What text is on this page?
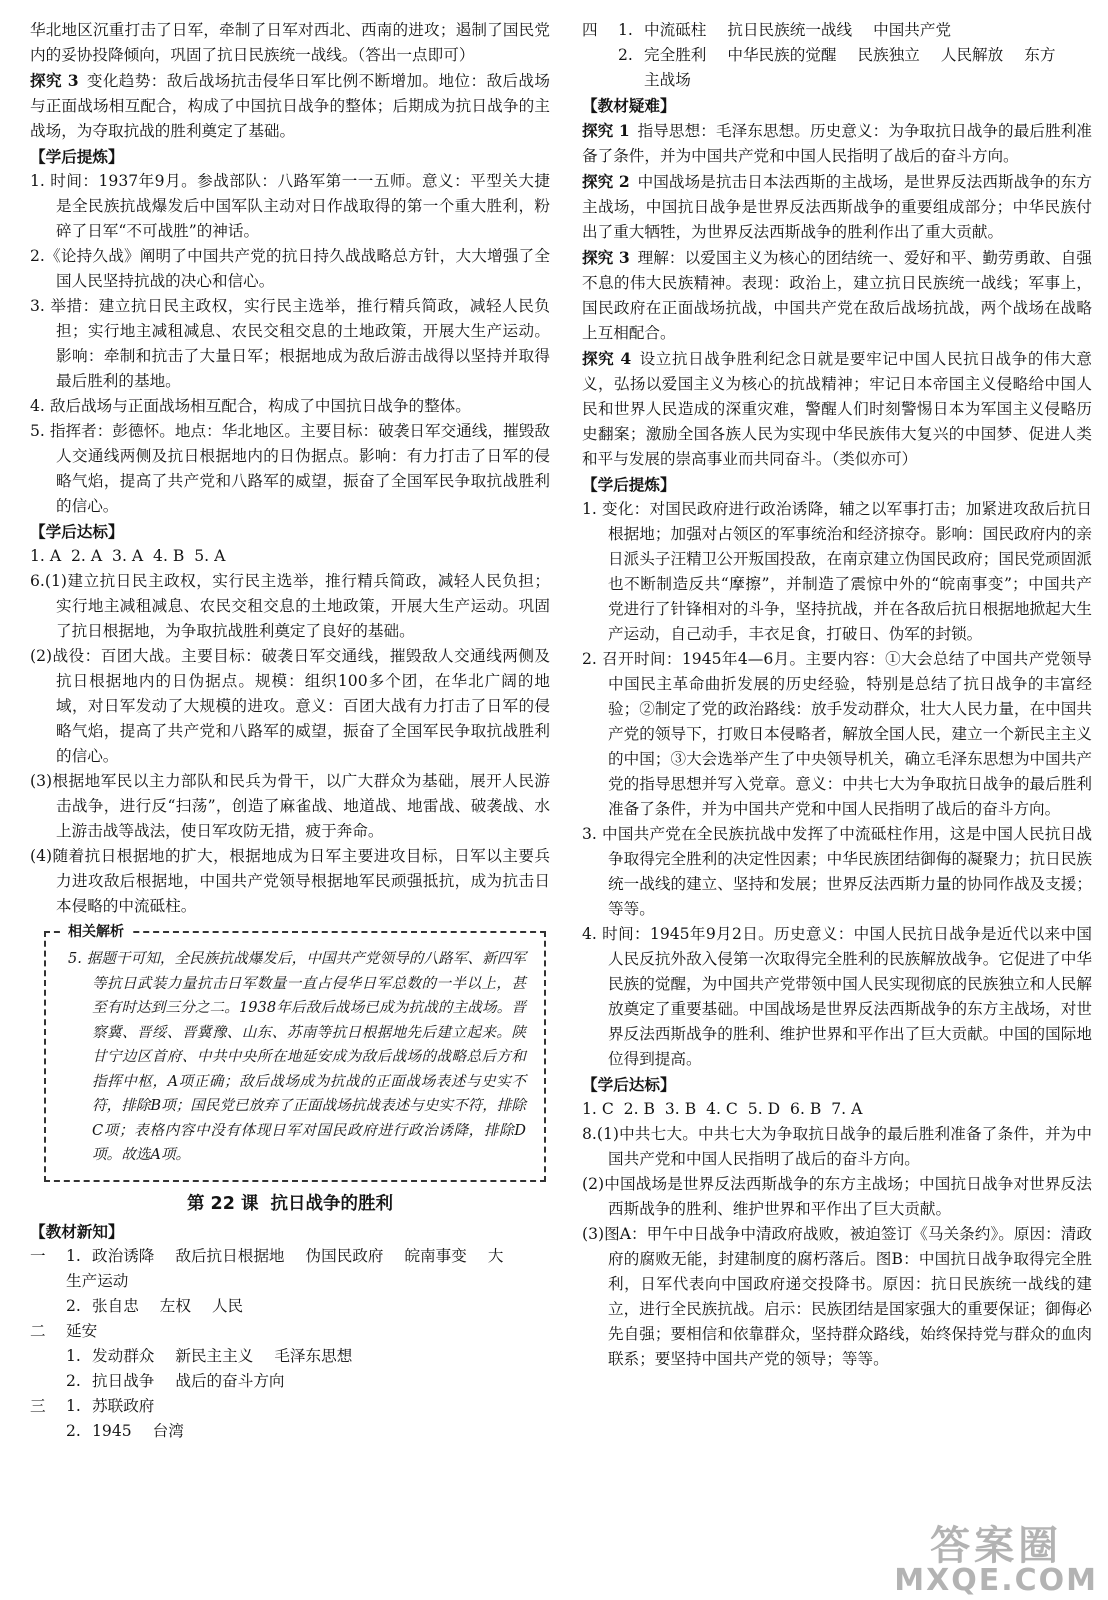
华北地区沉重打击了日军，牵制了日军对西北、西南的进攻；遏制了国民党内的妥协投降倾向，巩固了抗日民族统一战线。（答出一点即可）

探究 3  变化趋势：敌后战场抗击侵华日军比例不断增加。地位：敌后战场与正面战场相互配合，构成了中国抗日战争的整体；后期成为抗日战争的主战场，为夺取抗战的胜利奠定了基础。

【学后提炼】

1. 时间：1937年9月。参战部队：八路军第一一五师。意义：平型关大捷是全民族抗战爆发后中国军队主动对日作战取得的第一个重大胜利，粉碎了日军“不可战胜”的神话。

2.《论持久战》阐明了中国共产党的抗日持久战战略总方针，大大增强了全国人民坚持抗战的决心和信心。

3. 举措：建立抗日民主政权，实行民主选举，推行精兵简政，减轻人民负担；实行地主减租减息、农民交租交息的土地政策，开展大生产运动。影响：牵制和抗击了大量日军；根据地成为敌后游击战得以坚持并取得最后胜利的基地。

4. 敌后战场与正面战场相互配合，构成了中国抗日战争的整体。

5. 指挥者：彭德怀。地点：华北地区。主要目标：破袭日军交通线，摧毁敌人交通线两侧及抗日根据地内的日伪据点。影响：有力打击了日军的侵略气焰，提高了共产党和八路军的威望，振奋了全国军民争取抗战胜利的信心。

【学后达标】

1. A  2. A  3. A  4. B  5. A

6.(1)建立抗日民主政权，实行民主选举，推行精兵简政，减轻人民负担；实行地主减租减息、农民交租交息的土地政策，开展大生产运动。巩固了抗日根据地，为争取抗战胜利奠定了良好的基础。

(2)战役：百团大战。主要目标：破袭日军交通线，摧毁敌人交通线两侧及抗日根据地内的日伪据点。规模：组织100多个团，在华北广阔的地域，对日军发动了大规模的进攻。意义：百团大战有力打击了日军的侵略气焰，提高了共产党和八路军的威望，振奋了全国军民争取抗战胜利的信心。

(3)根据地军民以主力部队和民兵为骨干，以广大群众为基础，展开人民游击战争，进行反“扫荡”，创造了麻雀战、地道战、地雷战、破袭战、水上游击战等战法，使日军攻防无措，疲于奔命。

(4)随着抗日根据地的扩大，根据地成为日军主要进攻目标，日军以主要兵力进攻敌后根据地，中国共产党领导根据地军民顽强抵抗，成为抗击日本侵略的中流砥柱。

相关解析

5. 据题干可知，全民族抗战爆发后，中国共产党领导的八路军、新四军等抗日武装力量抗击日军数量一直占侵华日军总数的一半以上，甚至有时达到三分之二。1938年后敌后战场已成为抗战的主战场。晋察冀、晋绥、晋冀豫、山东、苏南等抗日根据地先后建立起来。陕甘宁边区首府、中共中央所在地延安成为敌后战场的战略总后方和指挥中枢，A项正确；敌后战场成为抗战的正面战场表述与史实不符，排除B项；国民党已放弃了正面战场抗战表述与史实不符，排除C项；表格内容中没有体现日军对国民政府进行政治诱降，排除D项。故选A项。

第 22 课 抗日战争的胜利

【教材新知】

一	1. 政治诱降 敌后抗日根据地 伪国民政府 皖南事变 大

生产运动

2. 张自忠 左权 人民
二	延安
1. 发动群众 新民主主义 毛泽东思想
2. 抗日战争 战后的奋斗方向
三	1. 苏联政府
2. 1945 台湾
四	1. 中流砥柱 抗日民族统一战线 中国共产党
2. 完全胜利 中华民族的觉醒 民族独立 人民解放 东方

主战场

【教材疑难】

探究 1  指导思想：毛泽东思想。历史意义：为争取抗日战争的最后胜利准备了条件，并为中国共产党和中国人民指明了战后的奋斗方向。

探究 2  中国战场是抗击日本法西斯的主战场，是世界反法西斯战争的东方主战场，中国抗日战争是世界反法西斯战争的重要组成部分；中华民族付出了重大牺牲，为世界反法西斯战争的胜利作出了重大贡献。

探究 3  理解：以爱国主义为核心的团结统一、爱好和平、勤劳勇敢、自强不息的伟大民族精神。表现：政治上，建立抗日民族统一战线；军事上，国民政府在正面战场抗战，中国共产党在敌后战场抗战，两个战场在战略上互相配合。

探究 4  设立抗日战争胜利纪念日就是要牢记中国人民抗日战争的伟大意义，弘扬以爱国主义为核心的抗战精神；牢记日本帝国主义侵略给中国人民和世界人民造成的深重灾难，警醒人们时刻警惕日本为军国主义侵略历史翻案；激励全国各族人民为实现中华民族伟大复兴的中国梦、促进人类和平与发展的崇高事业而共同奋斗。（类似亦可）

【学后提炼】

1. 变化：对国民政府进行政治诱降，辅之以军事打击；加紧进攻敌后抗日根据地；加强对占领区的军事统治和经济掠夺。影响：国民政府内的亲日派头子汪精卫公开叛国投敌，在南京建立伪国民政府；国民党顽固派也不断制造反共“摩擦”，并制造了震惊中外的“皖南事变”；中国共产党进行了针锋相对的斗争，坚持抗战，并在各敌后抗日根据地掀起大生产运动，自己动手，丰衣足食，打破日、伪军的封锁。

2. 召开时间：1945年4—6月。主要内容：①大会总结了中国共产党领导中国民主革命曲折发展的历史经验，特别是总结了抗日战争的丰富经验；②制定了党的政治路线：放手发动群众，壮大人民力量，在中国共产党的领导下，打败日本侵略者，解放全国人民，建立一个新民主主义的中国；③大会选举产生了中央领导机关，确立毛泽东思想为中国共产党的指导思想并写入党章。意义：中共七大为争取抗日战争的最后胜利准备了条件，并为中国共产党和中国人民指明了战后的奋斗方向。

3. 中国共产党在全民族抗战中发挥了中流砥柱作用，这是中国人民抗日战争取得完全胜利的决定性因素；中华民族团结御侮的凝聚力；抗日民族统一战线的建立、坚持和发展；世界反法西斯力量的协同作战及支援；等等。

4. 时间：1945年9月2日。历史意义：中国人民抗日战争是近代以来中国人民反抗外敌入侵第一次取得完全胜利的民族解放战争。它促进了中华民族的觉醒，为中国共产党带领中国人民实现彻底的民族独立和人民解放奠定了重要基础。中国战场是世界反法西斯战争的东方主战场，对世界反法西斯战争的胜利、维护世界和平作出了巨大贡献。中国的国际地位得到提高。

【学后达标】

1. C  2. B  3. B  4. C  5. D  6. B  7. A

8.(1)中共七大。中共七大为争取抗日战争的最后胜利准备了条件，并为中国共产党和中国人民指明了战后的奋斗方向。

(2)中国战场是世界反法西斯战争的东方主战场；中国抗日战争对世界反法西斯战争的胜利、维护世界和平作出了巨大贡献。

(3)图A：甲午中日战争中清政府战败，被迫签订《马关条约》。原因：清政府的腐败无能，封建制度的腐朽落后。图B：中国抗日战争取得完全胜利，日军代表向中国政府递交投降书。原因：抗日民族统一战线的建立，进行全民族抗战。启示：民族团结是国家强大的重要保证；御侮必先自强；要相信和依靠群众，坚持群众路线，始终保持党与群众的血肉联系；要坚持中国共产党的领导；等等。

答案圈
MXQE.COM
